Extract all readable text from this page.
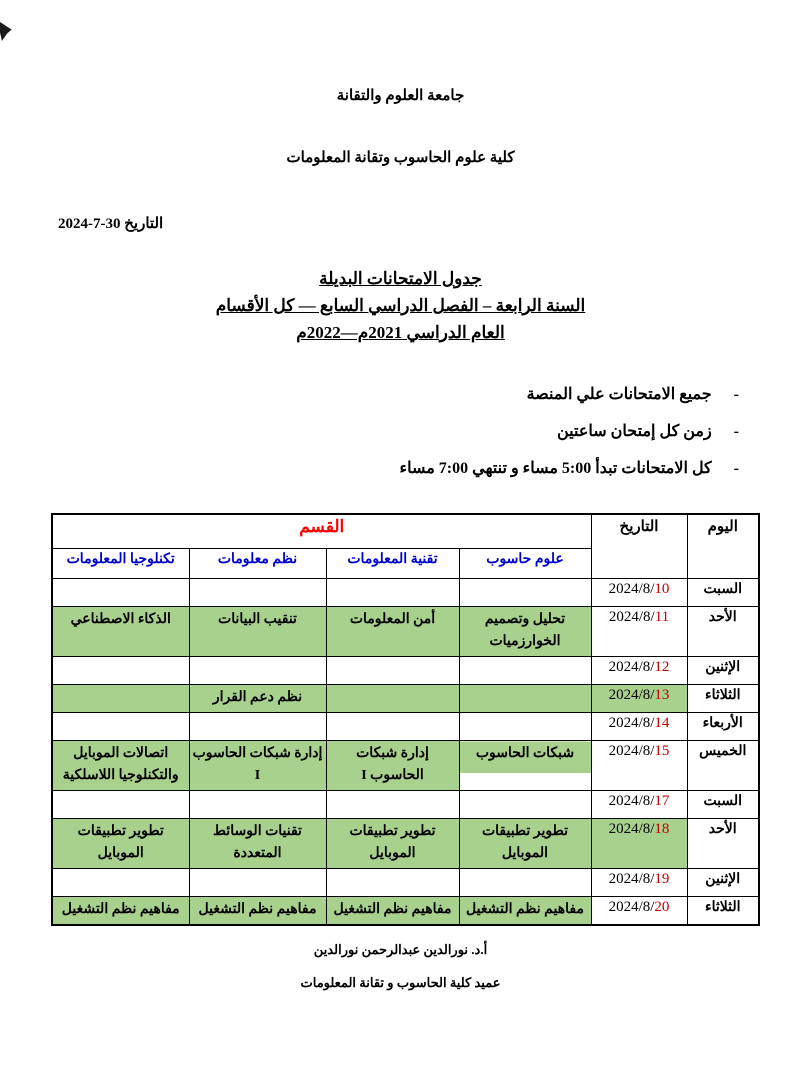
جامعة العلوم والتقانة
كلية علوم الحاسوب وتقانة المعلومات
التاريخ 2024-7-30
جدول الامتحانات البديلة
السنة الرابعة – الفصل الدراسي السابع — كل الأقسام
العام الدراسي 2021م—2022م
- جميع الامتحانات علي المنصة
- زمن كل إمتحان ساعتين
- كل الامتحانات تبدأ 5:00 مساء و تنتهي 7:00 مساء
اليوم	التاريخ	القسم			
		علوم حاسوب	تقنية المعلومات	نظم معلومات	تكنلوجيا المعلومات
السبت	2024/8/10				
الأحد	2024/8/11	تحليل وتصميم الخوارزميات	أمن المعلومات	تنقيب البيانات	الذكاء الاصطناعي
الإثنين	2024/8/12				
الثلاثاء	2024/8/13			نظم دعم القرار	
الأربعاء	2024/8/14				
الخميس	2024/8/15	شبكات الحاسوب	إدارة شبكات الحاسوب I	إدارة شبكات الحاسوب I	اتصالات الموبايل والتكنلوجيا اللاسلكية
السبت	2024/8/17				
الأحد	2024/8/18	تطوير تطبيقات الموبايل	تطوير تطبيقات الموبايل	تقنيات الوسائط المتعددة	تطوير تطبيقات الموبايل
الإثنين	2024/8/19				
الثلاثاء	2024/8/20	مفاهيم نظم التشغيل	مفاهيم نظم التشغيل	مفاهيم نظم التشغيل	مفاهيم نظم التشغيل
أ.د. نورالدين عبدالرحمن نورالدين
عميد كلية الحاسوب و تقانة المعلومات
